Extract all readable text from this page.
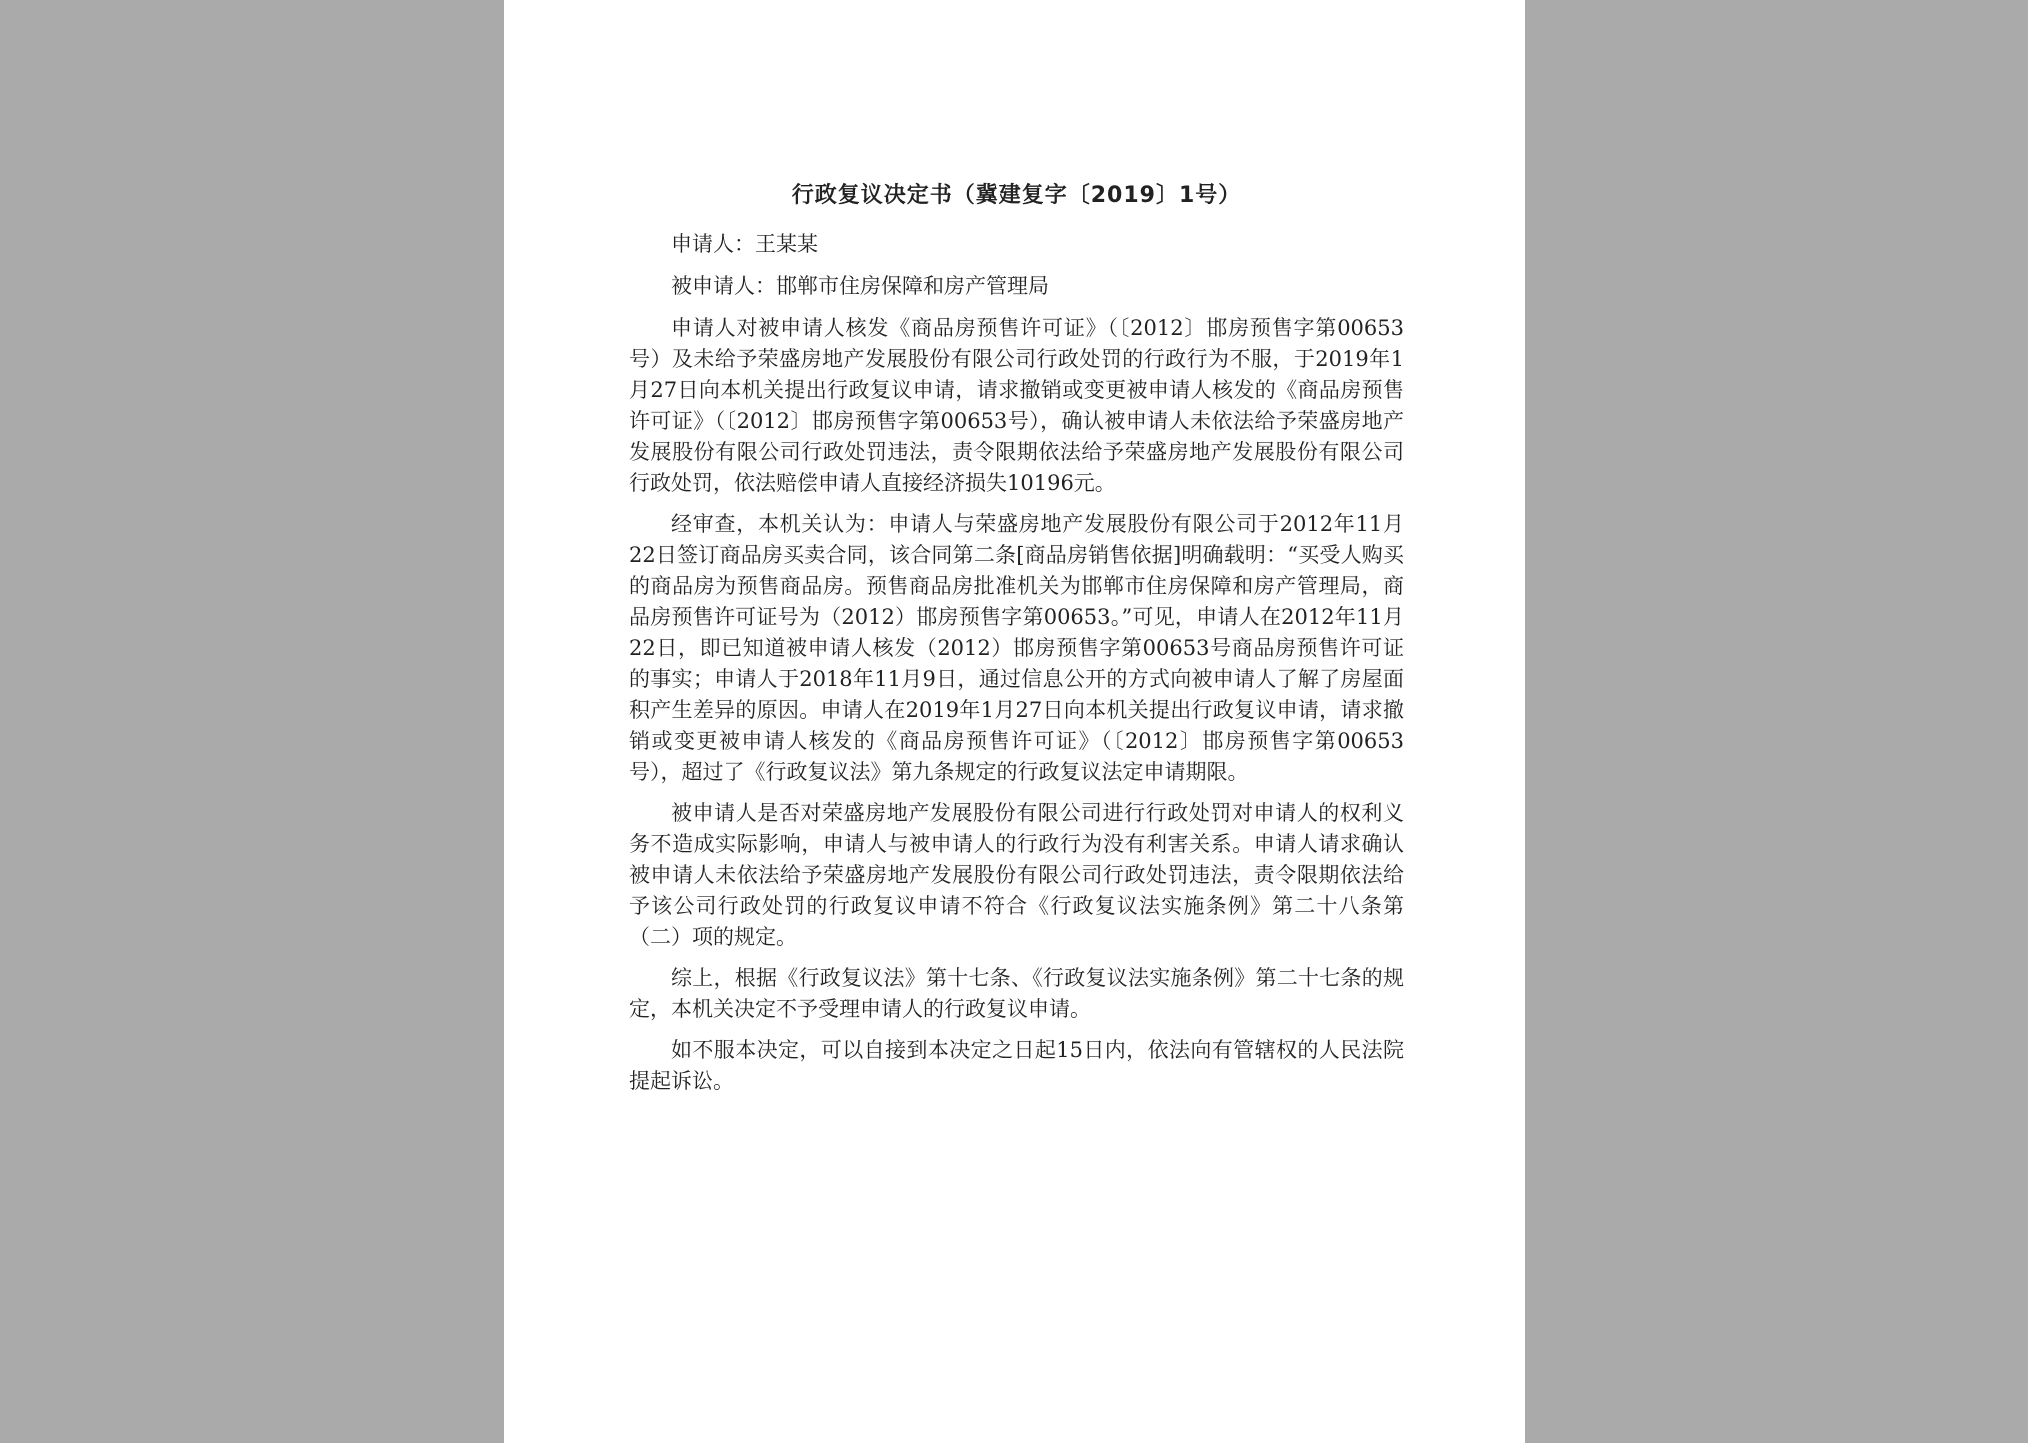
行政复议决定书（冀建复字〔2019〕1号）

申请人：王某某

被申请人：邯郸市住房保障和房产管理局

申请人对被申请人核发《商品房预售许可证》（〔2012〕邯房预售字第00653号）及未给予荣盛房地产发展股份有限公司行政处罚的行政行为不服，于2019年1月27日向本机关提出行政复议申请，请求撤销或变更被申请人核发的《商品房预售许可证》（〔2012〕邯房预售字第00653号），确认被申请人未依法给予荣盛房地产发展股份有限公司行政处罚违法，责令限期依法给予荣盛房地产发展股份有限公司行政处罚，依法赔偿申请人直接经济损失10196元。

经审查，本机关认为：申请人与荣盛房地产发展股份有限公司于2012年11月22日签订商品房买卖合同，该合同第二条[商品房销售依据]明确载明：“买受人购买的商品房为预售商品房。预售商品房批准机关为邯郸市住房保障和房产管理局，商品房预售许可证号为（2012）邯房预售字第00653。”可见，申请人在2012年11月22日，即已知道被申请人核发（2012）邯房预售字第00653号商品房预售许可证的事实；申请人于2018年11月9日，通过信息公开的方式向被申请人了解了房屋面积产生差异的原因。申请人在2019年1月27日向本机关提出行政复议申请，请求撤销或变更被申请人核发的《商品房预售许可证》（〔2012〕邯房预售字第00653号），超过了《行政复议法》第九条规定的行政复议法定申请期限。

被申请人是否对荣盛房地产发展股份有限公司进行行政处罚对申请人的权利义务不造成实际影响，申请人与被申请人的行政行为没有利害关系。申请人请求确认被申请人未依法给予荣盛房地产发展股份有限公司行政处罚违法，责令限期依法给予该公司行政处罚的行政复议申请不符合《行政复议法实施条例》第二十八条第（二）项的规定。

综上，根据《行政复议法》第十七条、《行政复议法实施条例》第二十七条的规定，本机关决定不予受理申请人的行政复议申请。

如不服本决定，可以自接到本决定之日起15日内，依法向有管辖权的人民法院提起诉讼。
